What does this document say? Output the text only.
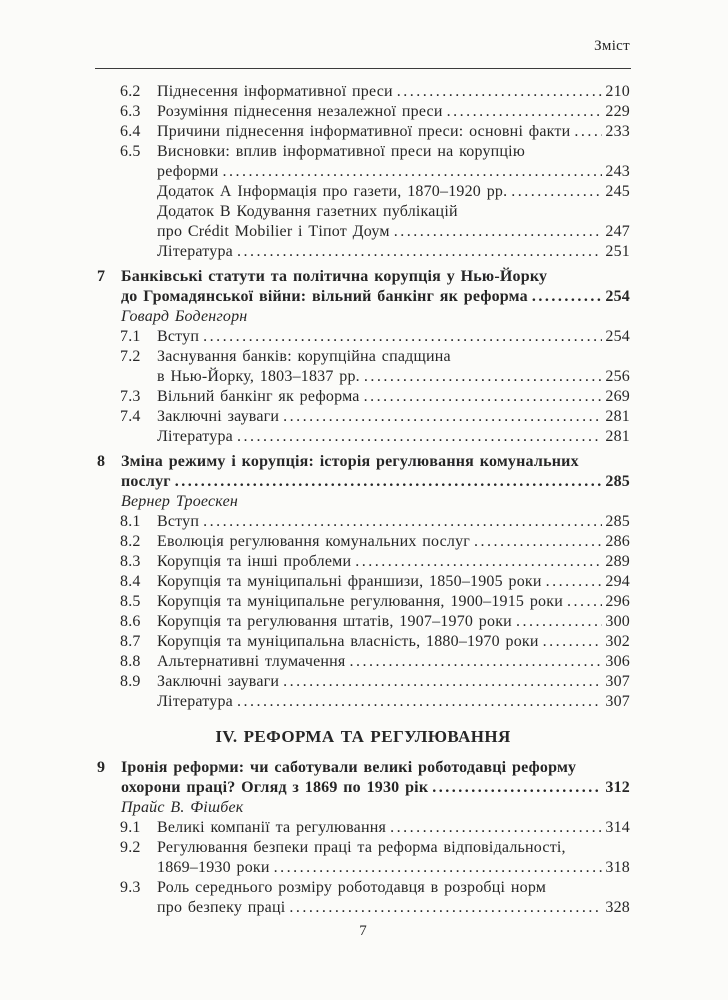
Зміст
6.2 Піднесення інформативної преси .....	210
6.3 Розуміння піднесення незалежної преси .....	229
6.4 Причини піднесення інформативної преси: основні факти ..... 233
6.5 Висновки: вплив інформативної преси на корупцію
реформи .....	243
Додаток А Інформація про газети, 1870–1920 рр. .....	245
Додаток В Кодування газетних публікацій
про Crédit Mobilier і Тіпот Доум .....	247
Література .....	251
7 Банківські статути та політична корупція у Нью-Йорку
до Громадянської війни: вільний банкінг як реформа .....	254
Говард Боденгорн
7.1 Вступ .....	254
7.2 Заснування банків: корупційна спадщина
в Нью-Йорку, 1803–1837 рр. .....	256
7.3 Вільний банкінг як реформа .....	269
7.4 Заключні зауваги .....	281
Література .....	281
8 Зміна режиму і корупція: історія регулювання комунальних
послуг .....	285
Вернер Троескен
8.1 Вступ .....	285
8.2 Еволюція регулювання комунальних послуг .....	286
8.3 Корупція та інші проблеми .....	289
8.4 Корупція та муніципальні франшизи, 1850–1905 роки .....	294
8.5 Корупція та муніципальне регулювання, 1900–1915 роки .....	296
8.6 Корупція та регулювання штатів, 1907–1970 роки .....	300
8.7 Корупція та муніципальна власність, 1880–1970 роки .....	302
8.8 Альтернативні тлумачення .....	306
8.9 Заключні зауваги .....	307
Література .....	307
IV. РЕФОРМА ТА РЕГУЛЮВАННЯ
9 Іронія реформи: чи саботували великі роботодавці реформу
охорони праці? Огляд з 1869 по 1930 рік .....	312
Прайс В. Фішбек
9.1 Великі компанії та регулювання .....	314
9.2 Регулювання безпеки праці та реформа відповідальності,
1869–1930 роки .....	318
9.3 Роль середнього розміру роботодавця в розробці норм
про безпеку праці .....	328
7
